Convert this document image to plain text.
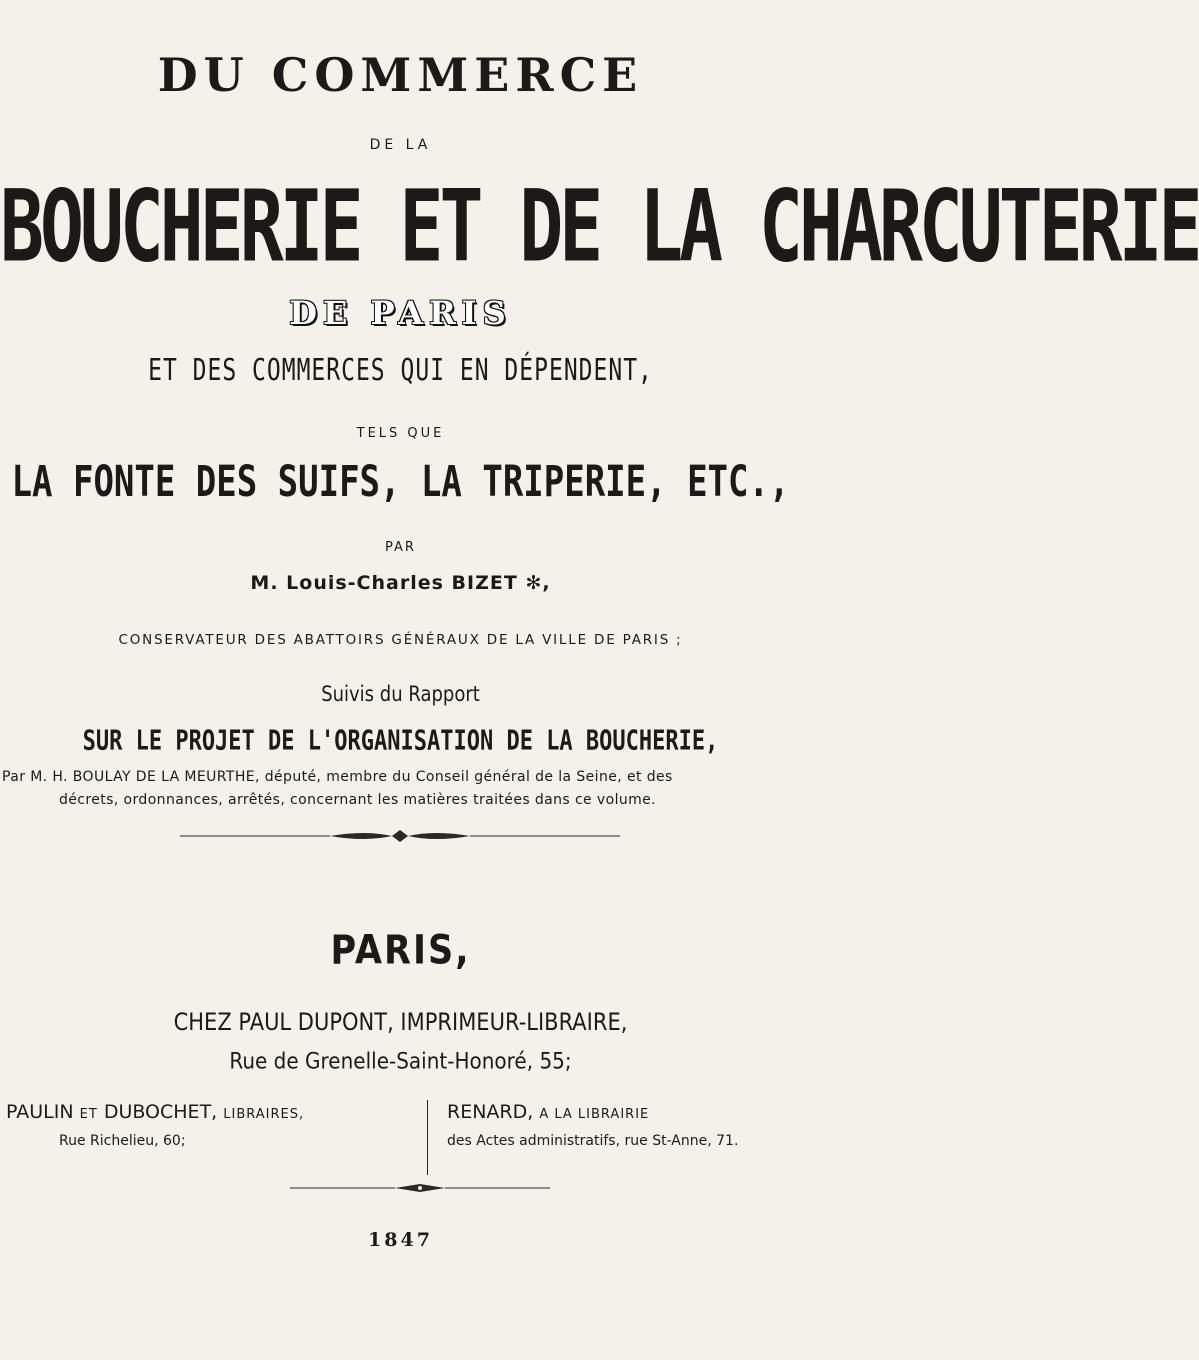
DU COMMERCE
DE LA
BOUCHERIE ET DE LA CHARCUTERIE
DE PARIS
ET DES COMMERCES QUI EN DÉPENDENT,
TELS QUE
LA FONTE DES SUIFS, LA TRIPERIE, ETC.,
PAR
M. Louis-Charles BIZET ✻,
CONSERVATEUR DES ABATTOIRS GÉNÉRAUX DE LA VILLE DE PARIS ;
Suivis du Rapport
SUR LE PROJET DE L'ORGANISATION DE LA BOUCHERIE,
Par M. H. BOULAY DE LA MEURTHE, député, membre du Conseil général de la Seine, et des
décrets, ordonnances, arrêtés, concernant les matières traitées dans ce volume.
PARIS,
CHEZ PAUL DUPONT, IMPRIMEUR-LIBRAIRE,
Rue de Grenelle-Saint-Honoré, 55;
PAULIN ET DUBOCHET, LIBRAIRES,
Rue Richelieu, 60;
RENARD, A LA LIBRAIRIE
des Actes administratifs, rue St-Anne, 71.
1847
